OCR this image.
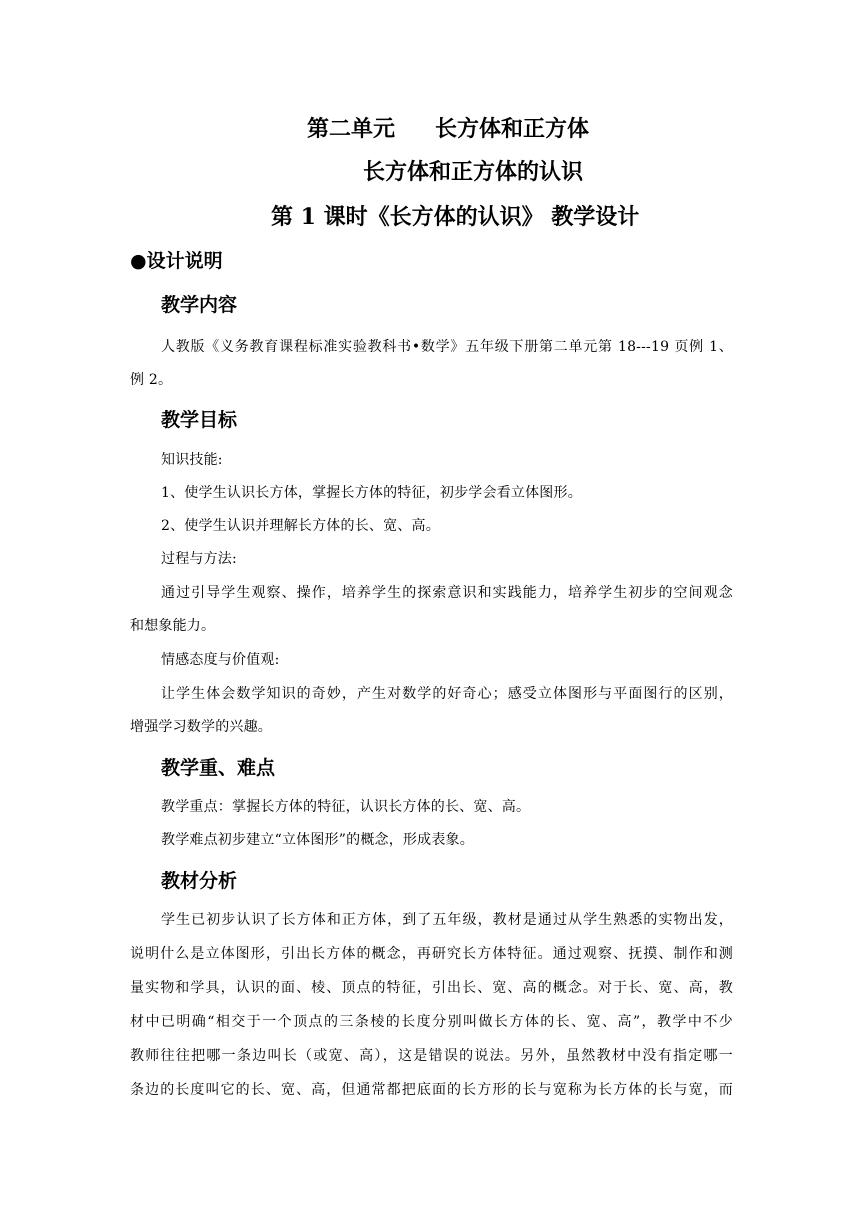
第二单元 长方体和正方体
长方体和正方体的认识
第 1 课时《长方体的认识》 教学设计
●设计说明
教学内容
人教版《义务教育课程标准实验教科书•数学》五年级下册第二单元第 18---19 页例 1、
例 2。
教学目标
知识技能:
1、使学生认识长方体，掌握长方体的特征，初步学会看立体图形。
2、使学生认识并理解长方体的长、宽、高。
过程与方法:
通过引导学生观察、操作，培养学生的探索意识和实践能力，培养学生初步的空间观念
和想象能力。
情感态度与价值观:
让学生体会数学知识的奇妙，产生对数学的好奇心；感受立体图形与平面图行的区别，
增强学习数学的兴趣。
教学重、难点
教学重点：掌握长方体的特征，认识长方体的长、宽、高。
教学难点初步建立“立体图形”的概念，形成表象。
教材分析
学生已初步认识了长方体和正方体，到了五年级，教材是通过从学生熟悉的实物出发，
说明什么是立体图形，引出长方体的概念，再研究长方体特征。通过观察、抚摸、制作和测
量实物和学具，认识的面、棱、顶点的特征，引出长、宽、高的概念。对于长、宽、高，教
材中已明确“相交于一个顶点的三条棱的长度分别叫做长方体的长、宽、高”，教学中不少
教师往往把哪一条边叫长（或宽、高），这是错误的说法。另外，虽然教材中没有指定哪一
条边的长度叫它的长、宽、高，但通常都把底面的长方形的长与宽称为长方体的长与宽，而
